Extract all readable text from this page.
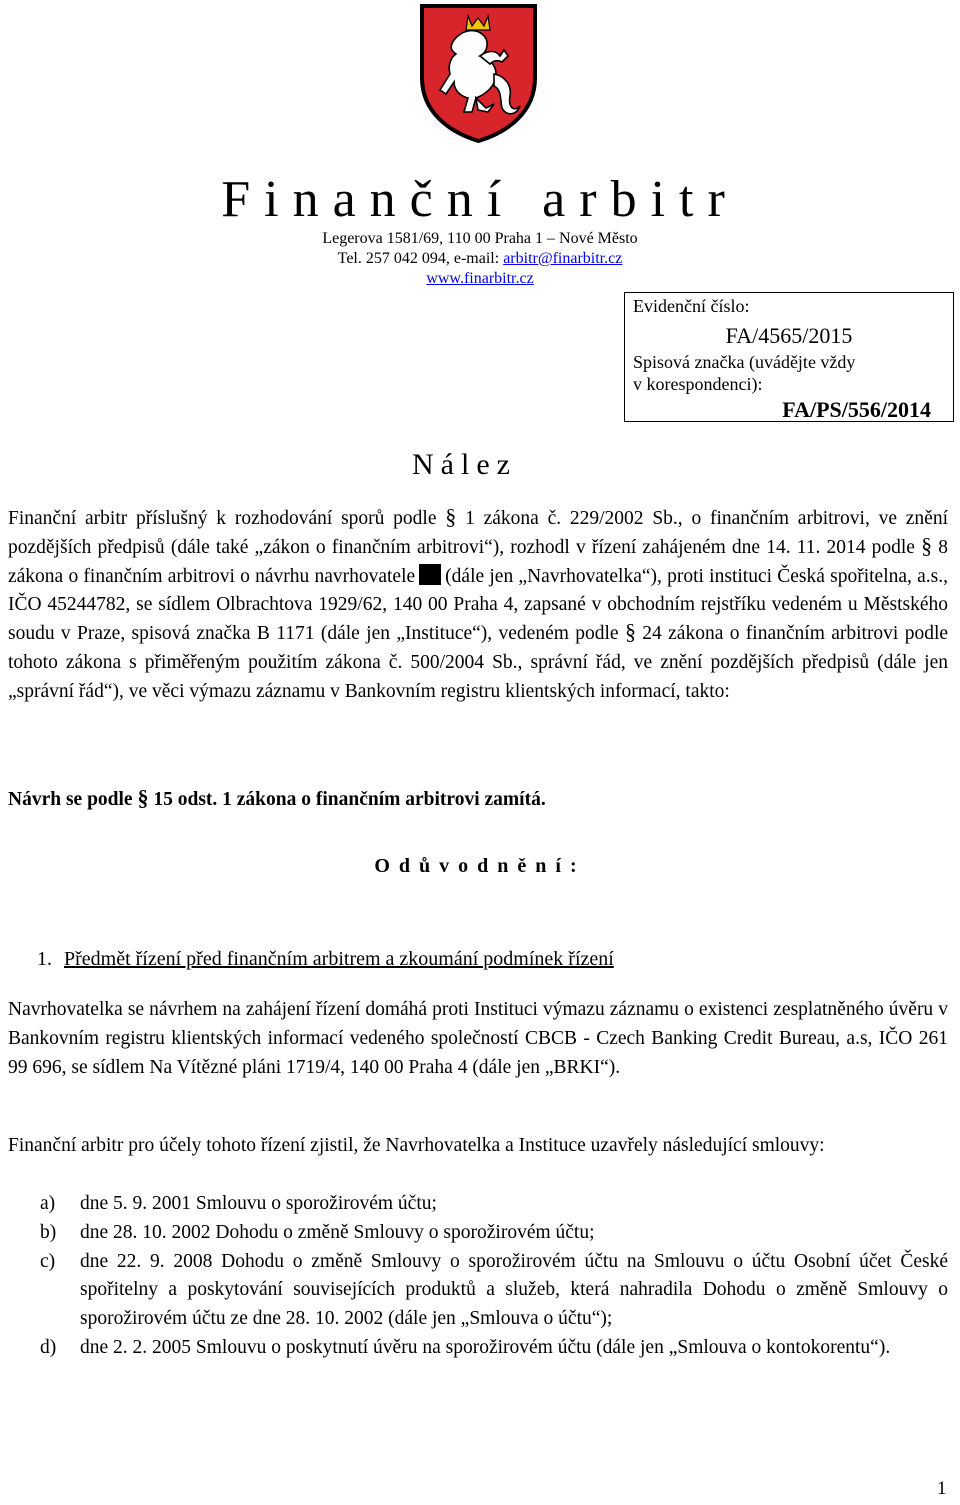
Finanční arbitr
Legerova 1581/69, 110 00 Praha 1 – Nové Město
Tel. 257 042 094, e-mail: arbitr@finarbitr.cz
www.finarbitr.cz
Evidenční číslo:
FA/4565/2015
Spisová značka (uvádějte vždy
v korespondenci):
FA/PS/556/2014
Nález
Finanční arbitr příslušný k rozhodování sporů podle § 1 zákona č. 229/2002 Sb., o finančním arbitrovi, ve znění pozdějších předpisů (dále také „zákon o finančním arbitrovi“), rozhodl v řízení zahájeném dne 14. 11. 2014 podle § 8 zákona o finančním arbitrovi o návrhu navrhovatele (dále jen „Navrhovatelka“), proti instituci Česká spořitelna, a.s., IČO 45244782, se sídlem Olbrachtova 1929/62, 140 00 Praha 4, zapsané v obchodním rejstříku vedeném u Městského soudu v Praze, spisová značka B 1171 (dále jen „Instituce“), vedeném podle § 24 zákona o finančním arbitrovi podle tohoto zákona s přiměřeným použitím zákona č. 500/2004 Sb., správní řád, ve znění pozdějších předpisů (dále jen „správní řád“), ve věci výmazu záznamu v Bankovním registru klientských informací, takto:
Návrh se podle § 15 odst. 1 zákona o finančním arbitrovi zamítá.
Odůvodnění:
1. Předmět řízení před finančním arbitrem a zkoumání podmínek řízení
Navrhovatelka se návrhem na zahájení řízení domáhá proti Instituci výmazu záznamu o existenci zesplatněného úvěru v Bankovním registru klientských informací vedeného společností CBCB - Czech Banking Credit Bureau, a.s, IČO 261 99 696, se sídlem Na Vítězné pláni 1719/4, 140 00 Praha 4 (dále jen „BRKI“).
Finanční arbitr pro účely tohoto řízení zjistil, že Navrhovatelka a Instituce uzavřely následující smlouvy:
a)	dne 5. 9. 2001 Smlouvu o sporožirovém účtu;
b)	dne 28. 10. 2002 Dohodu o změně Smlouvy o sporožirovém účtu;
c)	dne 22. 9. 2008 Dohodu o změně Smlouvy o sporožirovém účtu na Smlouvu o účtu Osobní účet České spořitelny a poskytování souvisejících produktů a služeb, která nahradila Dohodu o změně Smlouvy o sporožirovém účtu ze dne 28. 10. 2002 (dále jen „Smlouva o účtu“);
d)	dne 2. 2. 2005 Smlouvu o poskytnutí úvěru na sporožirovém účtu (dále jen „Smlouva o kontokorentu“).
1
